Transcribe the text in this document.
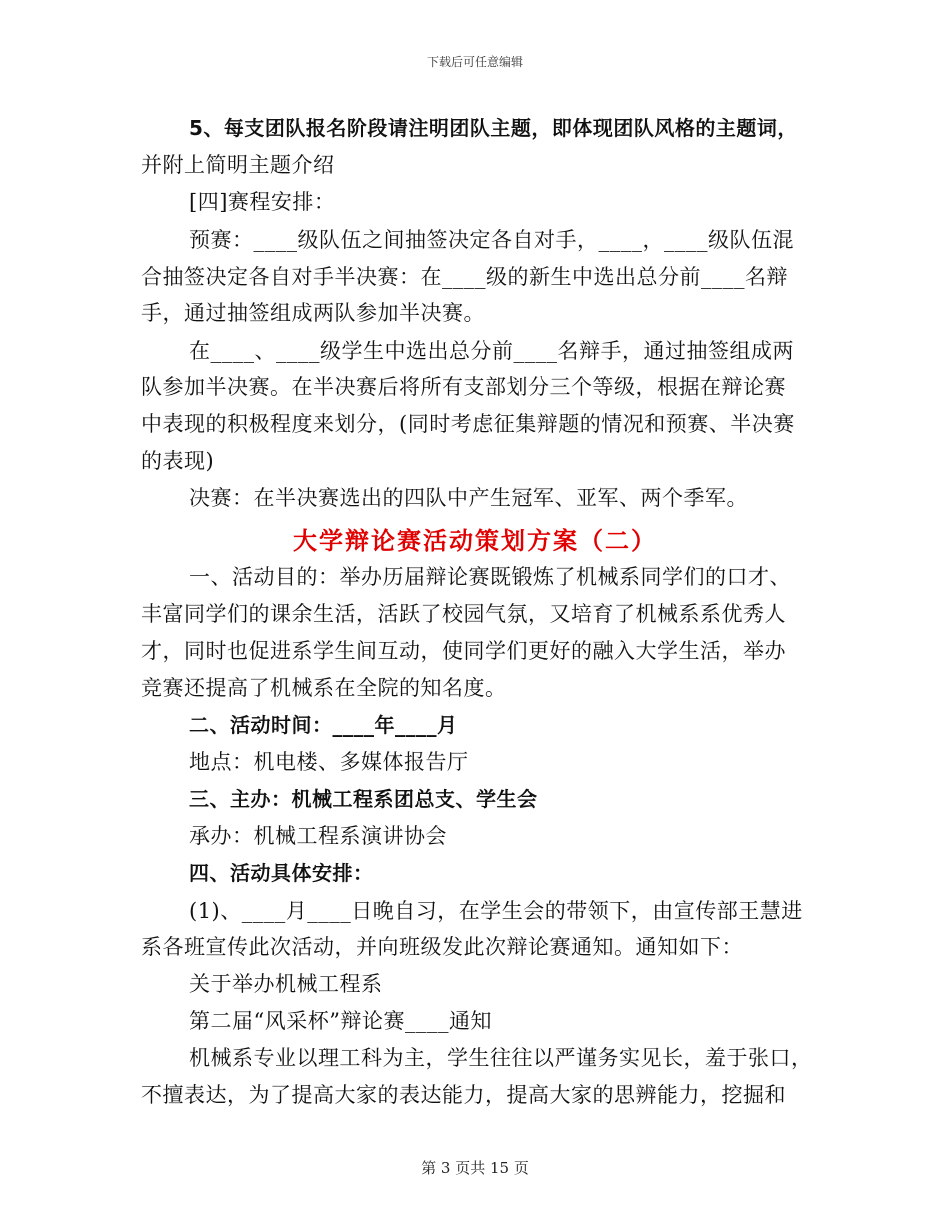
下载后可任意编辑
5、每支团队报名阶段请注明团队主题，即体现团队风格的主题词，
并附上简明主题介绍
[四]赛程安排：
预赛：____级队伍之间抽签决定各自对手，____，____级队伍混
合抽签决定各自对手半决赛：在____级的新生中选出总分前____名辩
手，通过抽签组成两队参加半决赛。
在____、____级学生中选出总分前____名辩手，通过抽签组成两
队参加半决赛。在半决赛后将所有支部划分三个等级，根据在辩论赛
中表现的积极程度来划分，(同时考虑征集辩题的情况和预赛、半决赛
的表现)
决赛：在半决赛选出的四队中产生冠军、亚军、两个季军。
大学辩论赛活动策划方案（二）
一、活动目的：举办历届辩论赛既锻炼了机械系同学们的口才、
丰富同学们的课余生活，活跃了校园气氛，又培育了机械系系优秀人
才，同时也促进系学生间互动，使同学们更好的融入大学生活，举办
竞赛还提高了机械系在全院的知名度。
二、活动时间：____年____月
地点：机电楼、多媒体报告厅
三、主办：机械工程系团总支、学生会
承办：机械工程系演讲协会
四、活动具体安排：
(1)、____月____日晚自习，在学生会的带领下，由宣传部王慧进
系各班宣传此次活动，并向班级发此次辩论赛通知。通知如下：
关于举办机械工程系
第二届“风采杯”辩论赛____通知
机械系专业以理工科为主，学生往往以严谨务实见长，羞于张口，
不擅表达，为了提高大家的表达能力，提高大家的思辨能力，挖掘和
第 3 页共 15 页
